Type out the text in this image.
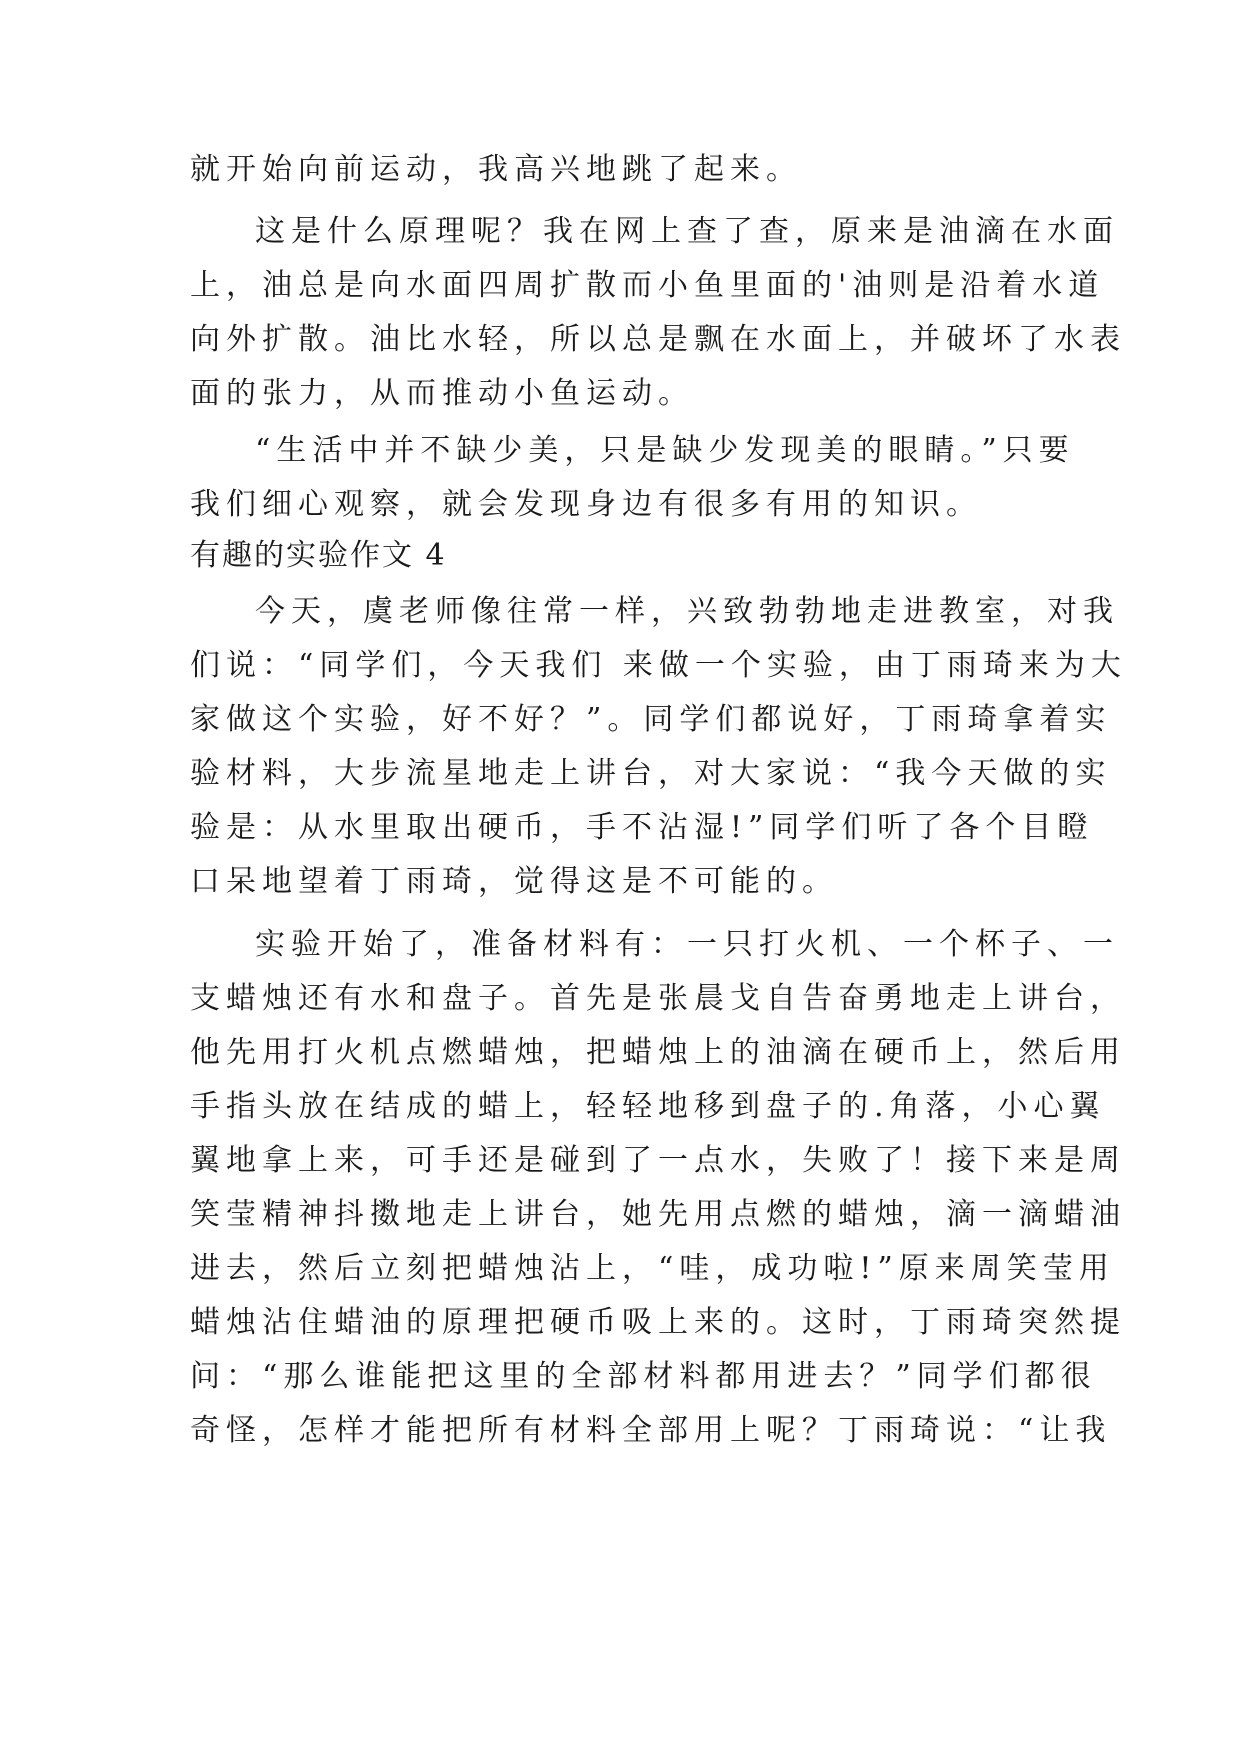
就开始向前运动，我高兴地跳了起来。
这是什么原理呢？我在网上查了查，原来是油滴在水面
上，油总是向水面四周扩散而小鱼里面的'油则是沿着水道
向外扩散。油比水轻，所以总是飘在水面上，并破坏了水表
面的张力，从而推动小鱼运动。
“生活中并不缺少美，只是缺少发现美的眼睛。”只要
我们细心观察，就会发现身边有很多有用的知识。
有趣的实验作文 4
今天，虞老师像往常一样，兴致勃勃地走进教室，对我
们说：“同学们，今天我们 来做一个实验，由丁雨琦来为大
家做这个实验，好不好？”。同学们都说好，丁雨琦拿着实
验材料，大步流星地走上讲台，对大家说：“我今天做的实
验是：从水里取出硬币，手不沾湿!”同学们听了各个目瞪
口呆地望着丁雨琦，觉得这是不可能的。
实验开始了，准备材料有：一只打火机、一个杯子、一
支蜡烛还有水和盘子。首先是张晨戈自告奋勇地走上讲台，
他先用打火机点燃蜡烛，把蜡烛上的油滴在硬币上，然后用
手指头放在结成的蜡上，轻轻地移到盘子的.角落，小心翼
翼地拿上来，可手还是碰到了一点水，失败了！接下来是周
笑莹精神抖擞地走上讲台，她先用点燃的蜡烛，滴一滴蜡油
进去，然后立刻把蜡烛沾上，“哇，成功啦!”原来周笑莹用
蜡烛沾住蜡油的原理把硬币吸上来的。这时，丁雨琦突然提
问：“那么谁能把这里的全部材料都用进去？”同学们都很
奇怪，怎样才能把所有材料全部用上呢？丁雨琦说：“让我
